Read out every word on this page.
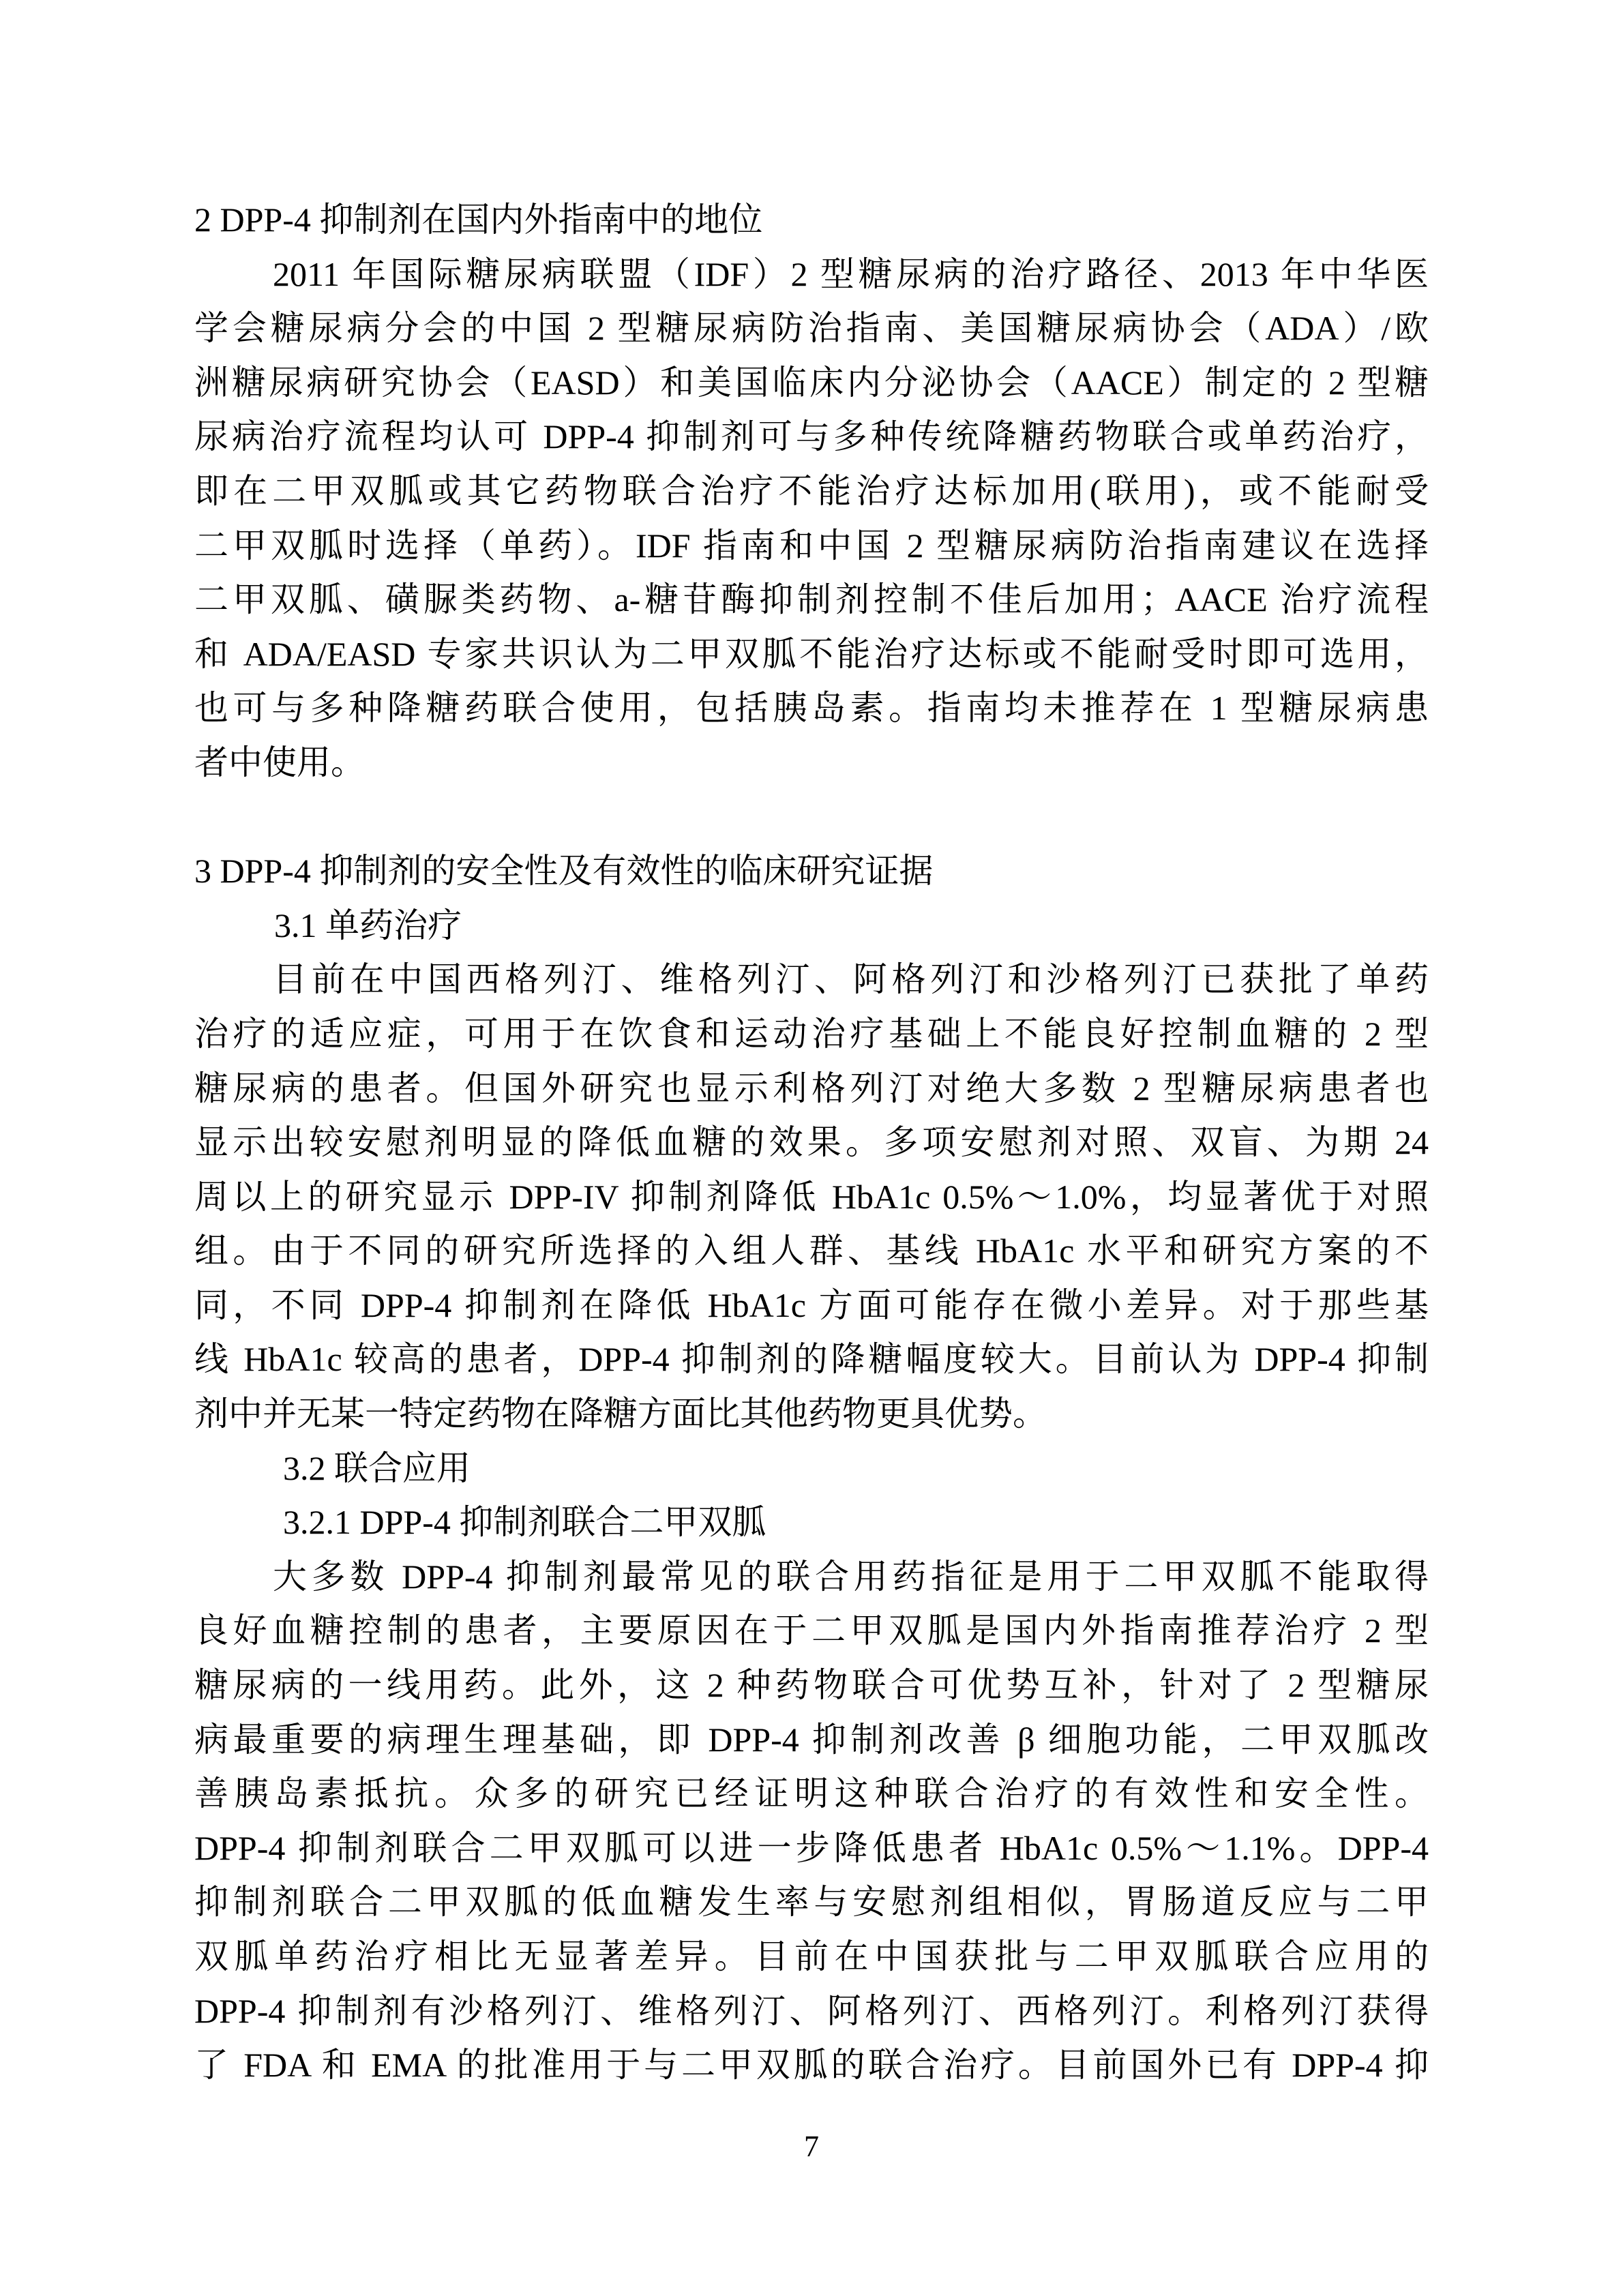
2 DPP-4 抑制剂在国内外指南中的地位
2011 年国际糖尿病联盟（IDF）2 型糖尿病的治疗路径、2013 年中华医
学会糖尿病分会的中国 2 型糖尿病防治指南、美国糖尿病协会（ADA）/欧
洲糖尿病研究协会（EASD）和美国临床内分泌协会（AACE）制定的 2 型糖
尿病治疗流程均认可 DPP-4 抑制剂可与多种传统降糖药物联合或单药治疗，
即在二甲双胍或其它药物联合治疗不能治疗达标加用(联用)，或不能耐受
二甲双胍时选择（单药）。IDF 指南和中国 2 型糖尿病防治指南建议在选择
二甲双胍、磺脲类药物、a-糖苷酶抑制剂控制不佳后加用；AACE 治疗流程
和 ADA/EASD 专家共识认为二甲双胍不能治疗达标或不能耐受时即可选用，
也可与多种降糖药联合使用，包括胰岛素。指南均未推荐在 1 型糖尿病患
者中使用。
3 DPP-4 抑制剂的安全性及有效性的临床研究证据
3.1 单药治疗
目前在中国西格列汀、维格列汀、阿格列汀和沙格列汀已获批了单药
治疗的适应症，可用于在饮食和运动治疗基础上不能良好控制血糖的 2 型
糖尿病的患者。但国外研究也显示利格列汀对绝大多数 2 型糖尿病患者也
显示出较安慰剂明显的降低血糖的效果。多项安慰剂对照、双盲、为期 24
周以上的研究显示 DPP-IV 抑制剂降低 HbA1c 0.5%～1.0%，均显著优于对照
组。由于不同的研究所选择的入组人群、基线 HbA1c 水平和研究方案的不
同，不同 DPP-4 抑制剂在降低 HbA1c 方面可能存在微小差异。对于那些基
线 HbA1c 较高的患者，DPP-4 抑制剂的降糖幅度较大。目前认为 DPP-4 抑制
剂中并无某一特定药物在降糖方面比其他药物更具优势。
3.2 联合应用
3.2.1 DPP-4 抑制剂联合二甲双胍
大多数 DPP-4 抑制剂最常见的联合用药指征是用于二甲双胍不能取得
良好血糖控制的患者，主要原因在于二甲双胍是国内外指南推荐治疗 2 型
糖尿病的一线用药。此外，这 2 种药物联合可优势互补，针对了 2 型糖尿
病最重要的病理生理基础，即 DPP-4 抑制剂改善 β 细胞功能，二甲双胍改
善胰岛素抵抗。众多的研究已经证明这种联合治疗的有效性和安全性。
DPP-4 抑制剂联合二甲双胍可以进一步降低患者 HbA1c 0.5%～1.1%。DPP-4
抑制剂联合二甲双胍的低血糖发生率与安慰剂组相似，胃肠道反应与二甲
双胍单药治疗相比无显著差异。目前在中国获批与二甲双胍联合应用的
DPP-4 抑制剂有沙格列汀、维格列汀、阿格列汀、西格列汀。利格列汀获得
了 FDA 和 EMA 的批准用于与二甲双胍的联合治疗。目前国外已有 DPP-4 抑
7
